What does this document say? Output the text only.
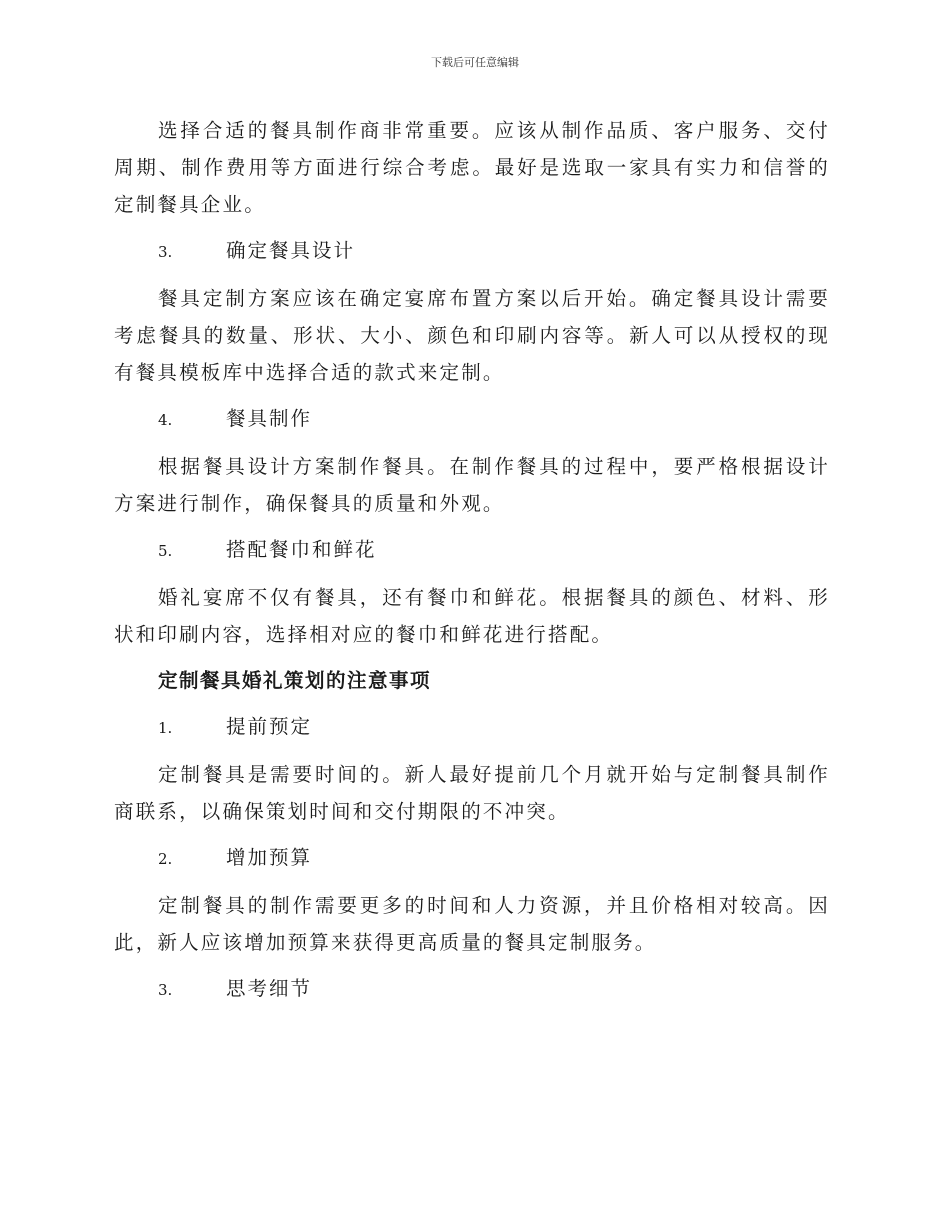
下载后可任意编辑

选择合适的餐具制作商非常重要。应该从制作品质、客户服务、交付周期、制作费用等方面进行综合考虑。最好是选取一家具有实力和信誉的定制餐具企业。

3.	确定餐具设计

餐具定制方案应该在确定宴席布置方案以后开始。确定餐具设计需要考虑餐具的数量、形状、大小、颜色和印刷内容等。新人可以从授权的现有餐具模板库中选择合适的款式来定制。

4.	餐具制作

根据餐具设计方案制作餐具。在制作餐具的过程中，要严格根据设计方案进行制作，确保餐具的质量和外观。

5.	搭配餐巾和鲜花

婚礼宴席不仅有餐具，还有餐巾和鲜花。根据餐具的颜色、材料、形状和印刷内容，选择相对应的餐巾和鲜花进行搭配。

定制餐具婚礼策划的注意事项
1.	提前预定

定制餐具是需要时间的。新人最好提前几个月就开始与定制餐具制作商联系，以确保策划时间和交付期限的不冲突。

2.	增加预算

定制餐具的制作需要更多的时间和人力资源，并且价格相对较高。因此，新人应该增加预算来获得更高质量的餐具定制服务。

3.	思考细节
